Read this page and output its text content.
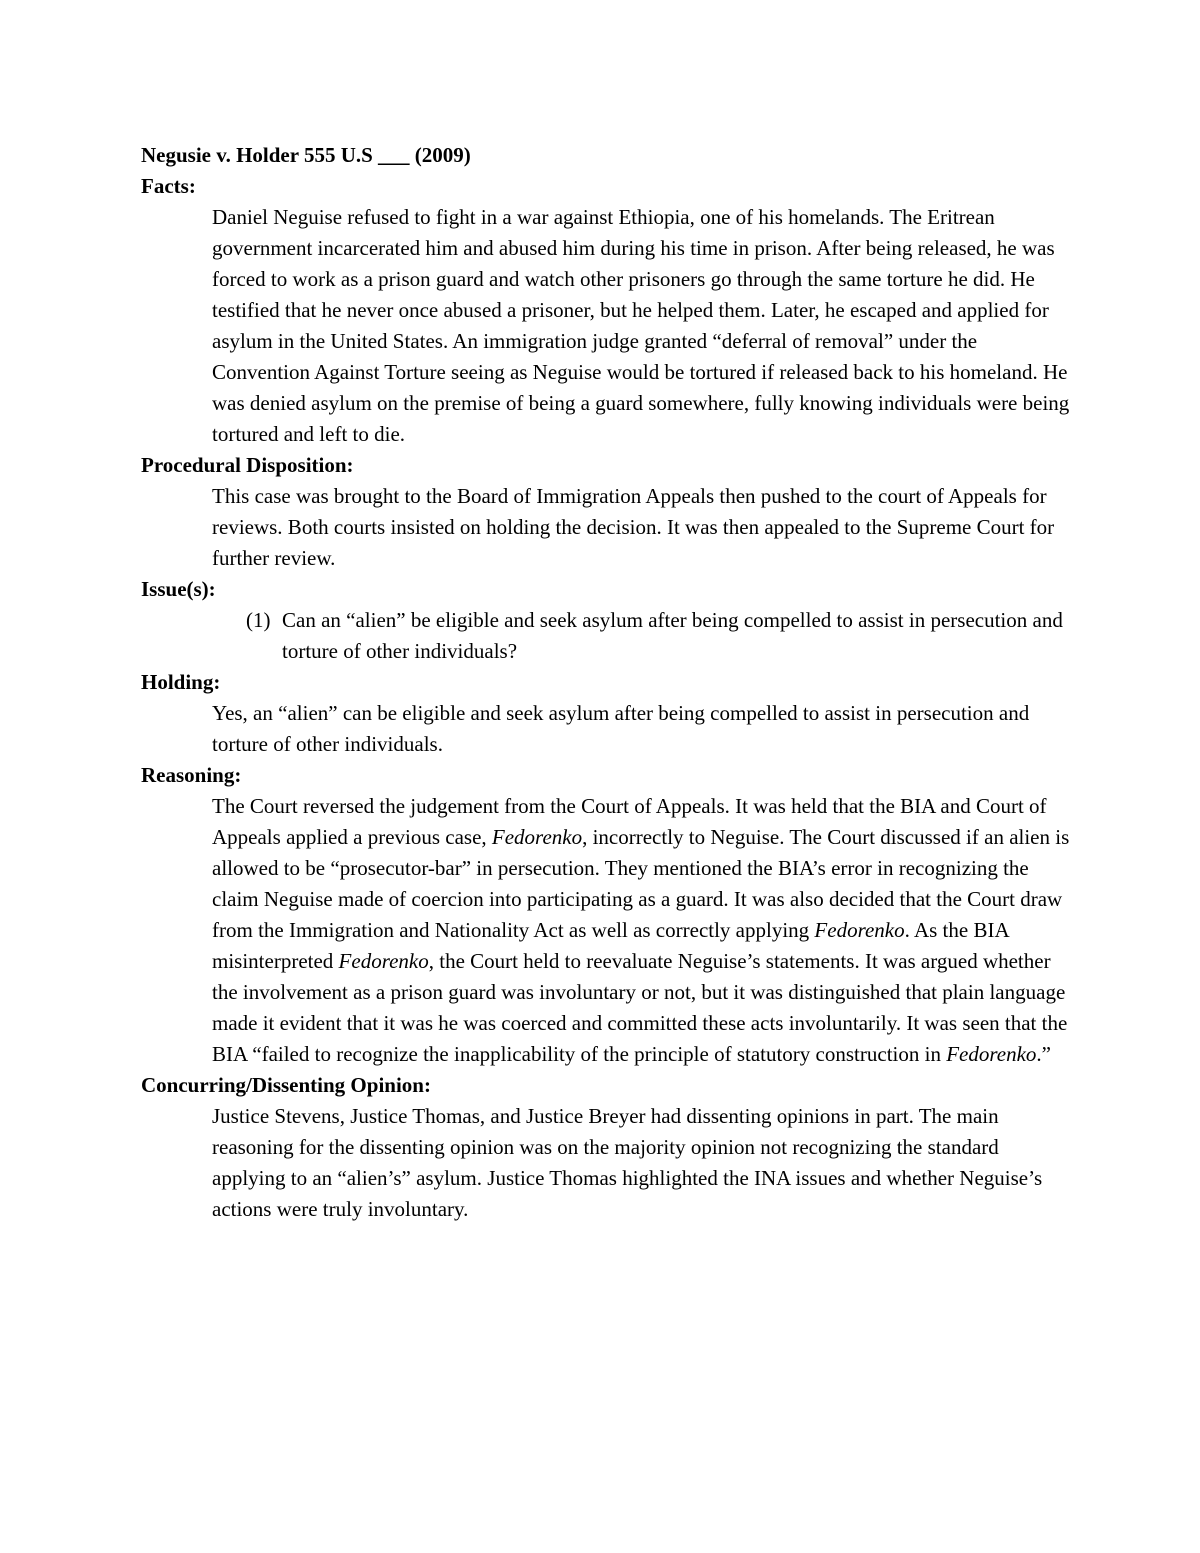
Negusie v. Holder 555 U.S ___ (2009)
Facts:
Daniel Neguise refused to fight in a war against Ethiopia, one of his homelands. The Eritrean government incarcerated him and abused him during his time in prison. After being released, he was forced to work as a prison guard and watch other prisoners go through the same torture he did. He testified that he never once abused a prisoner, but he helped them. Later, he escaped and applied for asylum in the United States. An immigration judge granted “deferral of removal” under the Convention Against Torture seeing as Neguise would be tortured if released back to his homeland. He was denied asylum on the premise of being a guard somewhere, fully knowing individuals were being tortured and left to die.
Procedural Disposition:
This case was brought to the Board of Immigration Appeals then pushed to the court of Appeals for reviews. Both courts insisted on holding the decision. It was then appealed to the Supreme Court for further review.
Issue(s):
(1) Can an “alien” be eligible and seek asylum after being compelled to assist in persecution and torture of other individuals?
Holding:
Yes, an “alien” can be eligible and seek asylum after being compelled to assist in persecution and torture of other individuals.
Reasoning:
The Court reversed the judgement from the Court of Appeals. It was held that the BIA and Court of Appeals applied a previous case, Fedorenko, incorrectly to Neguise. The Court discussed if an alien is allowed to be “prosecutor-bar” in persecution. They mentioned the BIA’s error in recognizing the claim Neguise made of coercion into participating as a guard. It was also decided that the Court draw from the Immigration and Nationality Act as well as correctly applying Fedorenko. As the BIA misinterpreted Fedorenko, the Court held to reevaluate Neguise’s statements. It was argued whether the involvement as a prison guard was involuntary or not, but it was distinguished that plain language made it evident that it was he was coerced and committed these acts involuntarily. It was seen that the BIA “failed to recognize the inapplicability of the principle of statutory construction in Fedorenko.”
Concurring/Dissenting Opinion:
Justice Stevens, Justice Thomas, and Justice Breyer had dissenting opinions in part. The main reasoning for the dissenting opinion was on the majority opinion not recognizing the standard applying to an “alien’s” asylum. Justice Thomas highlighted the INA issues and whether Neguise’s actions were truly involuntary.
